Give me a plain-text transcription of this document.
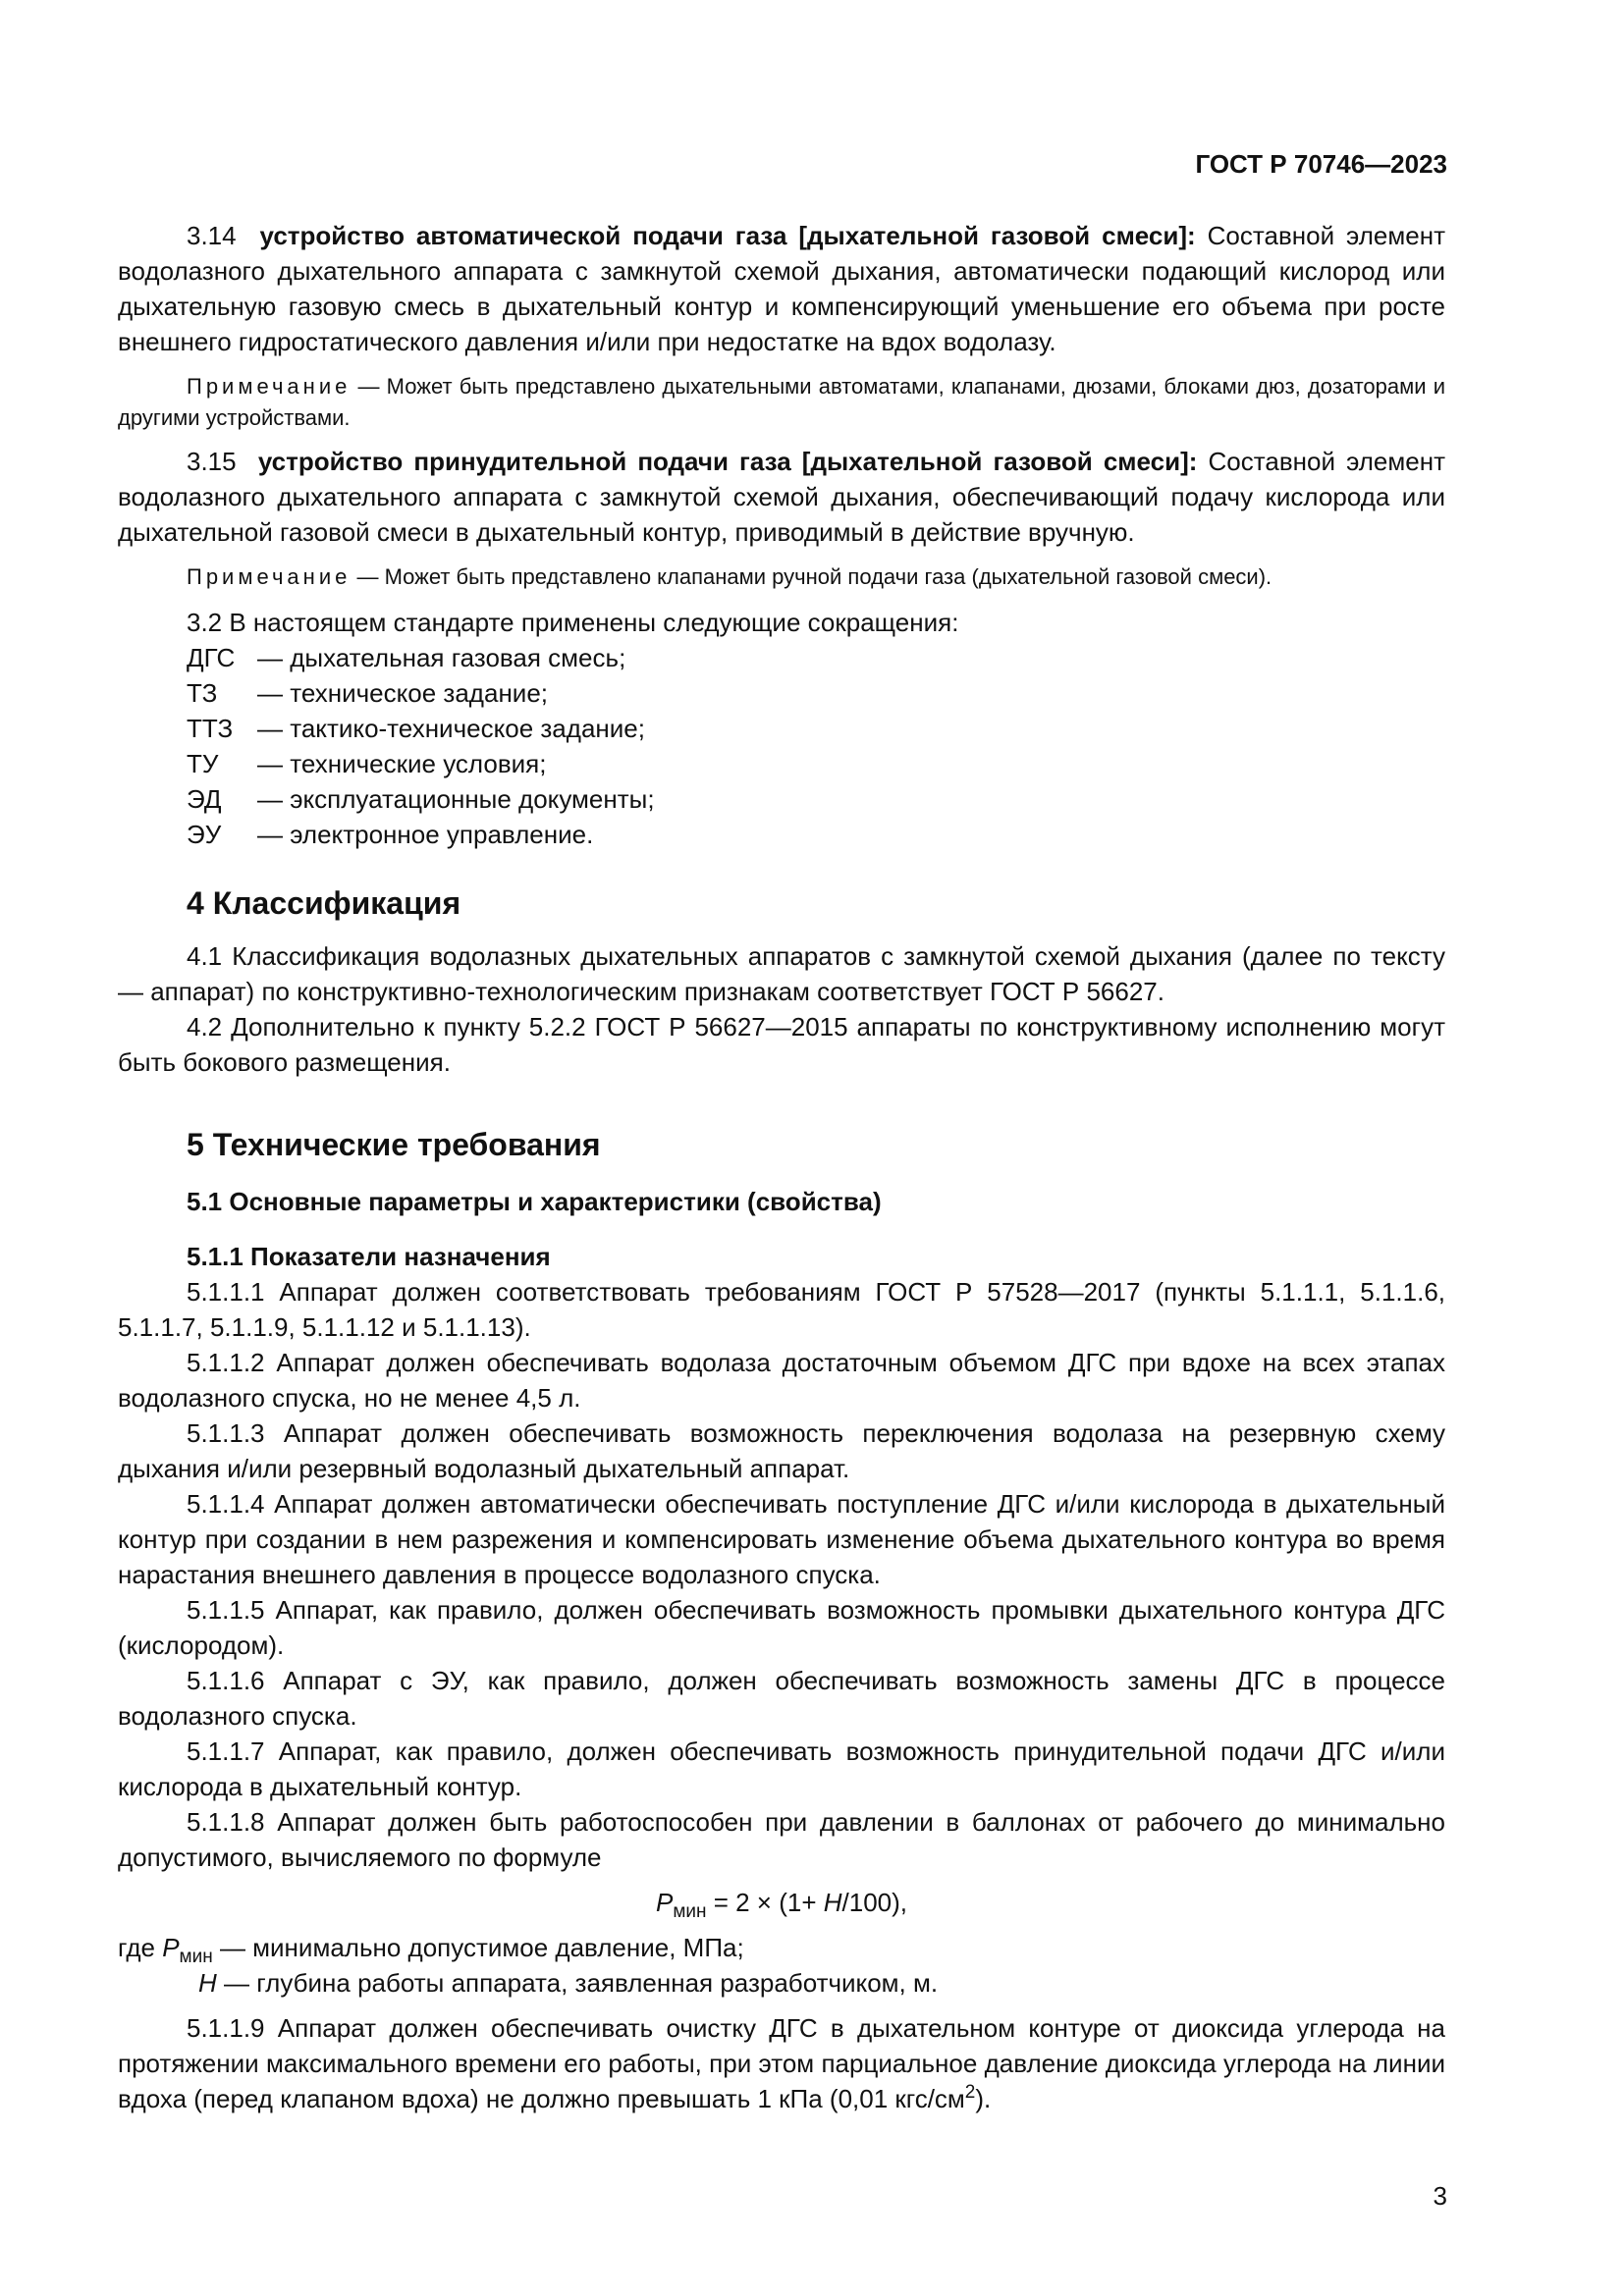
ГОСТ Р 70746—2023

3.14 устройство автоматической подачи газа [дыхательной газовой смеси]: Составной элемент водолазного дыхательного аппарата с замкнутой схемой дыхания, автоматически подающий кислород или дыхательную газовую смесь в дыхательный контур и компенсирующий уменьшение его объема при росте внешнего гидростатического давления и/или при недостатке на вдох водолазу.

Примечание — Может быть представлено дыхательными автоматами, клапанами, дюзами, блоками дюз, дозаторами и другими устройствами.

3.15 устройство принудительной подачи газа [дыхательной газовой смеси]: Составной элемент водолазного дыхательного аппарата с замкнутой схемой дыхания, обеспечивающий подачу кислорода или дыхательной газовой смеси в дыхательный контур, приводимый в действие вручную.

Примечание — Может быть представлено клапанами ручной подачи газа (дыхательной газовой смеси).

3.2 В настоящем стандарте применены следующие сокращения:

ДГС — дыхательная газовая смесь;
ТЗ	— техническое задание;
ТТЗ — тактико-техническое задание;
ТУ	— технические условия;
ЭД	— эксплуатационные документы;
ЭУ	— электронное управление.
4 Классификация

4.1 Классификация водолазных дыхательных аппаратов с замкнутой схемой дыхания (далее по тексту — аппарат) по конструктивно-технологическим признакам соответствует ГОСТ Р 56627.

4.2 Дополнительно к пункту 5.2.2 ГОСТ Р 56627—2015 аппараты по конструктивному исполнению могут быть бокового размещения.

5 Технические требования
5.1 Основные параметры и характеристики (свойства)
5.1.1 Показатели назначения

5.1.1.1 Аппарат должен соответствовать требованиям ГОСТ Р 57528—2017 (пункты 5.1.1.1, 5.1.1.6, 5.1.1.7, 5.1.1.9, 5.1.1.12 и 5.1.1.13).

5.1.1.2 Аппарат должен обеспечивать водолаза достаточным объемом ДГС при вдохе на всех этапах водолазного спуска, но не менее 4,5 л.

5.1.1.3 Аппарат должен обеспечивать возможность переключения водолаза на резервную схему дыхания и/или резервный водолазный дыхательный аппарат.

5.1.1.4 Аппарат должен автоматически обеспечивать поступление ДГС и/или кислорода в дыхательный контур при создании в нем разрежения и компенсировать изменение объема дыхательного контура во время нарастания внешнего давления в процессе водолазного спуска.

5.1.1.5 Аппарат, как правило, должен обеспечивать возможность промывки дыхательного контура ДГС (кислородом).

5.1.1.6 Аппарат с ЭУ, как правило, должен обеспечивать возможность замены ДГС в процессе водолазного спуска.

5.1.1.7 Аппарат, как правило, должен обеспечивать возможность принудительной подачи ДГС и/или кислорода в дыхательный контур.

5.1.1.8 Аппарат должен быть работоспособен при давлении в баллонах от рабочего до минимально допустимого, вычисляемого по формуле

$P_{мин} = 2 \times (1+ H/100)$,
где $P_{мин}$ — минимально допустимое давление, МПа;
H — глубина работы аппарата, заявленная разработчиком, м.

5.1.1.9 Аппарат должен обеспечивать очистку ДГС в дыхательном контуре от диоксида углерода на протяжении максимального времени его работы, при этом парциальное давление диоксида углерода на линии вдоха (перед клапаном вдоха) не должно превышать 1 кПа (0,01 кгс/$см^2$).

3
